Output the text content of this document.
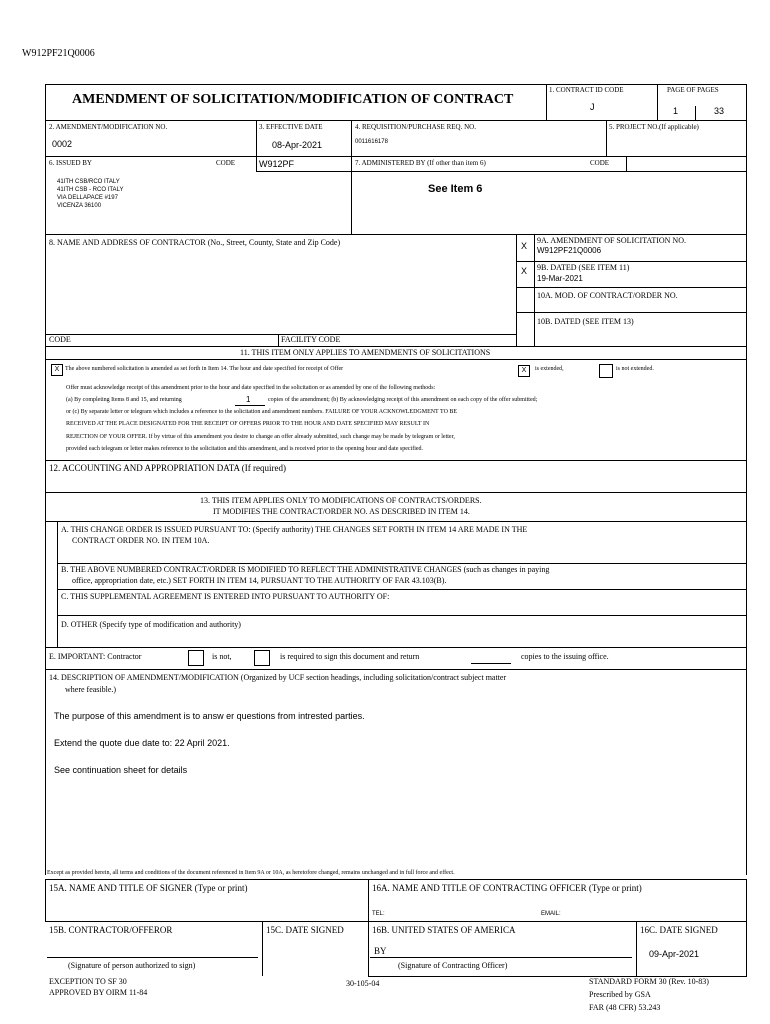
W912PF21Q0006
AMENDMENT OF SOLICITATION/MODIFICATION OF CONTRACT
1. CONTRACT ID CODE
J
PAGE OF PAGES
1	33
2. AMENDMENT/MODIFICATION NO.
0002
3. EFFECTIVE DATE
08-Apr-2021
4. REQUISITION/PURCHASE REQ. NO.
0011616178
5. PROJECT NO.(If applicable)
6. ISSUED BY	CODE	W912PF
41ITH CSB/RCO ITALY
41ITH CSB - RCO ITALY
VIA DELLAPACE #197
VICENZA 36100
7. ADMINISTERED BY (If other than item 6)	CODE
See Item 6
8. NAME AND ADDRESS OF CONTRACTOR (No., Street, County, State and Zip Code)
CODE	FACILITY CODE
X
9A. AMENDMENT OF SOLICITATION NO.
W912PF21Q0006
X 9B. DATED (SEE ITEM 11)
19-Mar-2021
10A. MOD. OF CONTRACT/ORDER NO.
10B. DATED (SEE ITEM 13)
11. THIS ITEM ONLY APPLIES TO AMENDMENTS OF SOLICITATIONS
X The above numbered solicitation is amended as set forth in Item 14. The hour and date specified for receipt of Offer	X	is extended,	is not extended.
Offer must acknowledge receipt of this amendment prior to the hour and date specified in the solicitation or as amended by one of the following methods:
(a) By completing Items 8 and 15, and returning	1	copies of the amendment; (b) By acknowledging receipt of this amendment on each copy of the offer submitted;
or (c) By separate letter or telegram which includes a reference to the solicitation and amendment numbers. FAILURE OF YOUR ACKNOWLEDGMENT TO BE
RECEIVED AT THE PLACE DESIGNATED FOR THE RECEIPT OF OFFERS PRIOR TO THE HOUR AND DATE SPECIFIED MAY RESULT IN
REJECTION OF YOUR OFFER. If by virtue of this amendment you desire to change an offer already submitted, such change may be made by telegram or letter,
provided each telegram or letter makes reference to the solicitation and this amendment, and is received prior to the opening hour and date specified.
12. ACCOUNTING AND APPROPRIATION DATA (If required)
13. THIS ITEM APPLIES ONLY TO MODIFICATIONS OF CONTRACTS/ORDERS.
IT MODIFIES THE CONTRACT/ORDER NO. AS DESCRIBED IN ITEM 14.
A. THIS CHANGE ORDER IS ISSUED PURSUANT TO: (Specify authority) THE CHANGES SET FORTH IN ITEM 14 ARE MADE IN THE
CONTRACT ORDER NO. IN ITEM 10A.
B. THE ABOVE NUMBERED CONTRACT/ORDER IS MODIFIED TO REFLECT THE ADMINISTRATIVE CHANGES (such as changes in paying
office, appropriation date, etc.) SET FORTH IN ITEM 14, PURSUANT TO THE AUTHORITY OF FAR 43.103(B).
C. THIS SUPPLEMENTAL AGREEMENT IS ENTERED INTO PURSUANT TO AUTHORITY OF:
D. OTHER (Specify type of modification and authority)
E. IMPORTANT: Contractor	is not,	is required to sign this document and return	copies to the issuing office.
14. DESCRIPTION OF AMENDMENT/MODIFICATION (Organized by UCF section headings, including solicitation/contract subject matter
where feasible.)
The purpose of this amendment is to answ er questions from intrested parties.
Extend the quote due date to: 22 April 2021.
See continuation sheet for details
Except as provided herein, all terms and conditions of the document referenced in Item 9A or 10A, as heretofore changed, remains unchanged and in full force and effect.
15A. NAME AND TITLE OF SIGNER (Type or print)	16A. NAME AND TITLE OF CONTRACTING OFFICER (Type or print)
TEL:	EMAIL:
15B. CONTRACTOR/OFFEROR
(Signature of person authorized to sign)
15C. DATE SIGNED	16B. UNITED STATES OF AMERICA
BY
(Signature of Contracting Officer)
16C. DATE SIGNED
09-Apr-2021
EXCEPTION TO SF 30
APPROVED BY OIRM 11-84
30-105-04	STANDARD FORM 30 (Rev. 10-83)
Prescribed by GSA
FAR (48 CFR) 53.243
